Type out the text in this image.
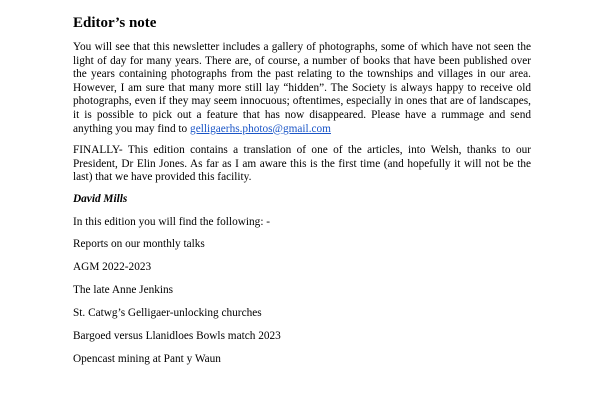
Editor’s note

You will see that this newsletter includes a gallery of photographs, some of which have not seen the light of day for many years. There are, of course, a number of books that have been published over the years containing photographs from the past relating to the townships and villages in our area. However, I am sure that many more still lay “hidden”. The Society is always happy to receive old photographs, even if they may seem innocuous; oftentimes, especially in ones that are of landscapes, it is possible to pick out a feature that has now disappeared. Please have a rummage and send anything you may find to gelligaerhs.photos@gmail.com

FINALLY- This edition contains a translation of one of the articles, into Welsh, thanks to our President, Dr Elin Jones. As far as I am aware this is the first time (and hopefully it will not be the last) that we have provided this facility.

David Mills
In this edition you will find the following: -
Reports on our monthly talks
AGM 2022-2023
The late Anne Jenkins
St. Catwg’s Gelligaer-unlocking churches
Bargoed versus Llanidloes Bowls match 2023
Opencast mining at Pant y Waun
